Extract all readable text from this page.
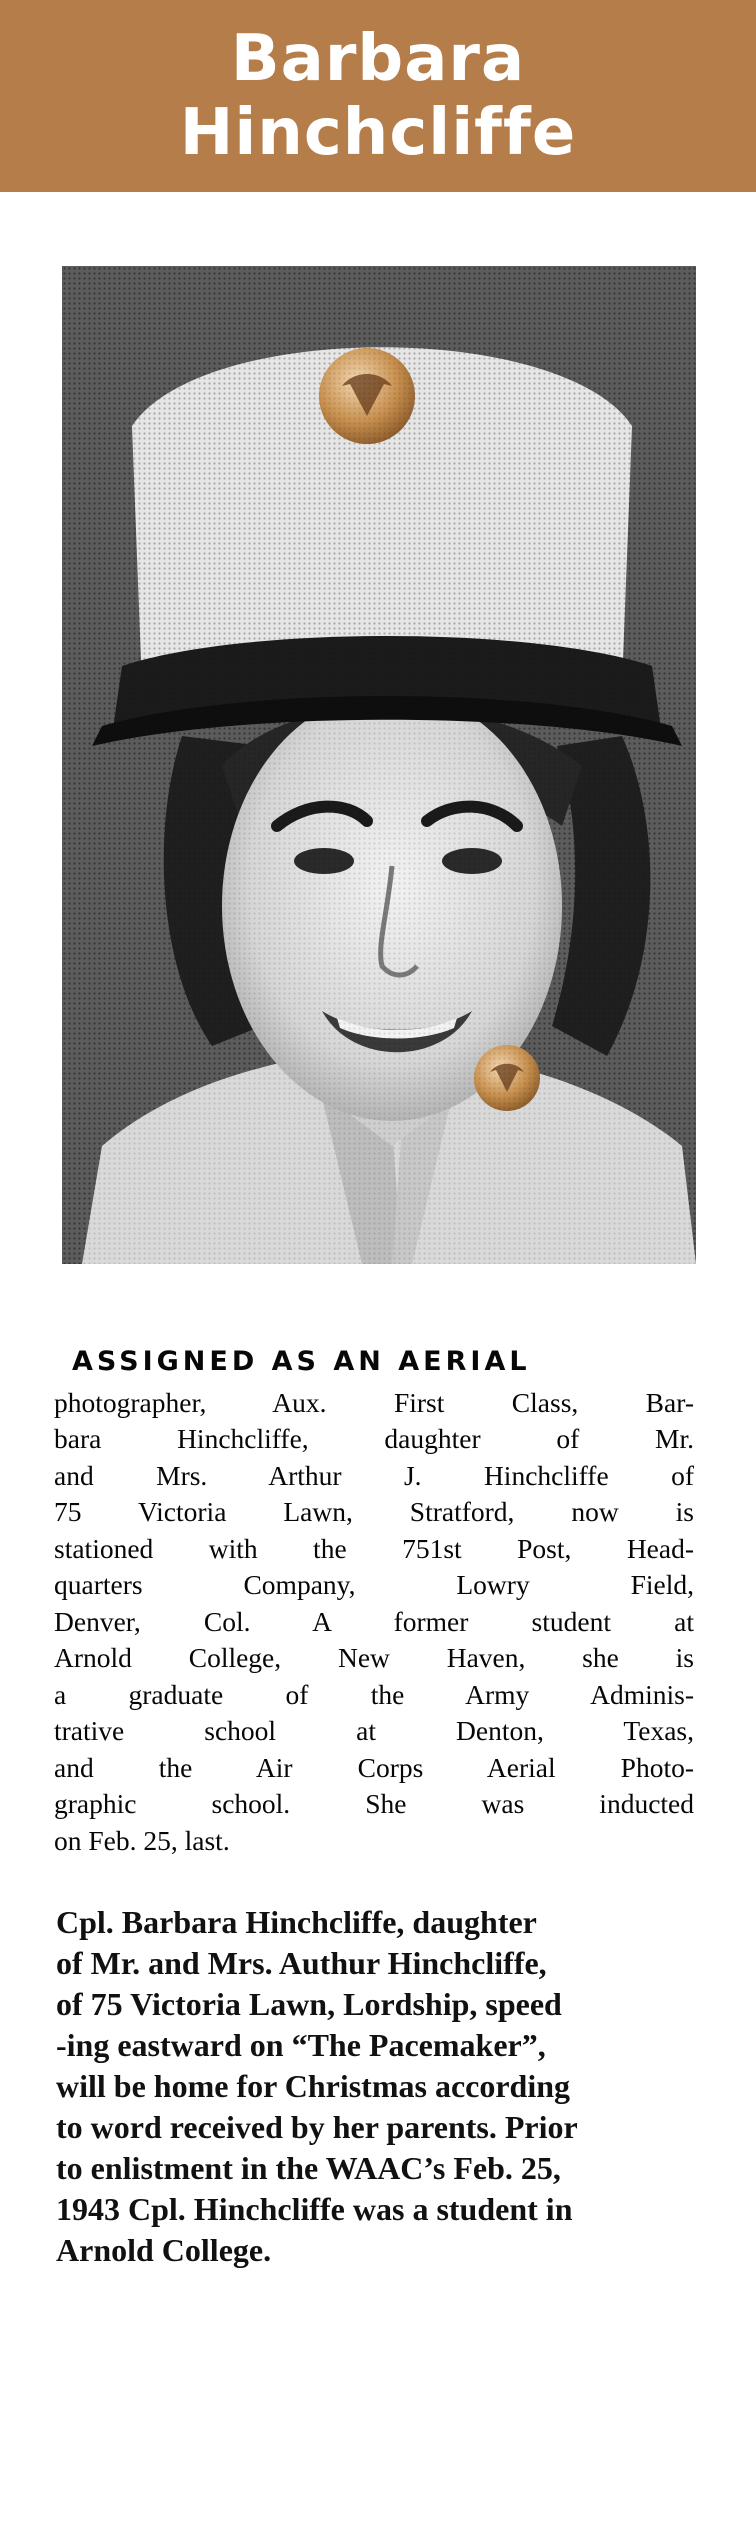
Barbara
Hinchcliffe
ASSIGNED AS AN AERIAL
photographer, Aux. First Class, Bar-
bara Hinchcliffe, daughter of Mr.
and Mrs. Arthur J. Hinchcliffe of
75 Victoria Lawn, Stratford, now is
stationed with the 751st Post, Head-
quarters Company, Lowry Field,
Denver, Col. A former student at
Arnold College, New Haven, she is
a graduate of the Army Adminis-
trative school at Denton, Texas,
and the Air Corps Aerial Photo-
graphic school. She was inducted
on Feb. 25, last.
Cpl. Barbara Hinchcliffe, daughter
of Mr. and Mrs. Authur Hinchcliffe,
of 75 Victoria Lawn, Lordship, speed
-ing eastward on “The Pacemaker”,
will be home for Christmas according
to word received by her parents. Prior
to enlistment in the WAAC’s Feb. 25,
1943 Cpl. Hinchcliffe was a student in
Arnold College.
